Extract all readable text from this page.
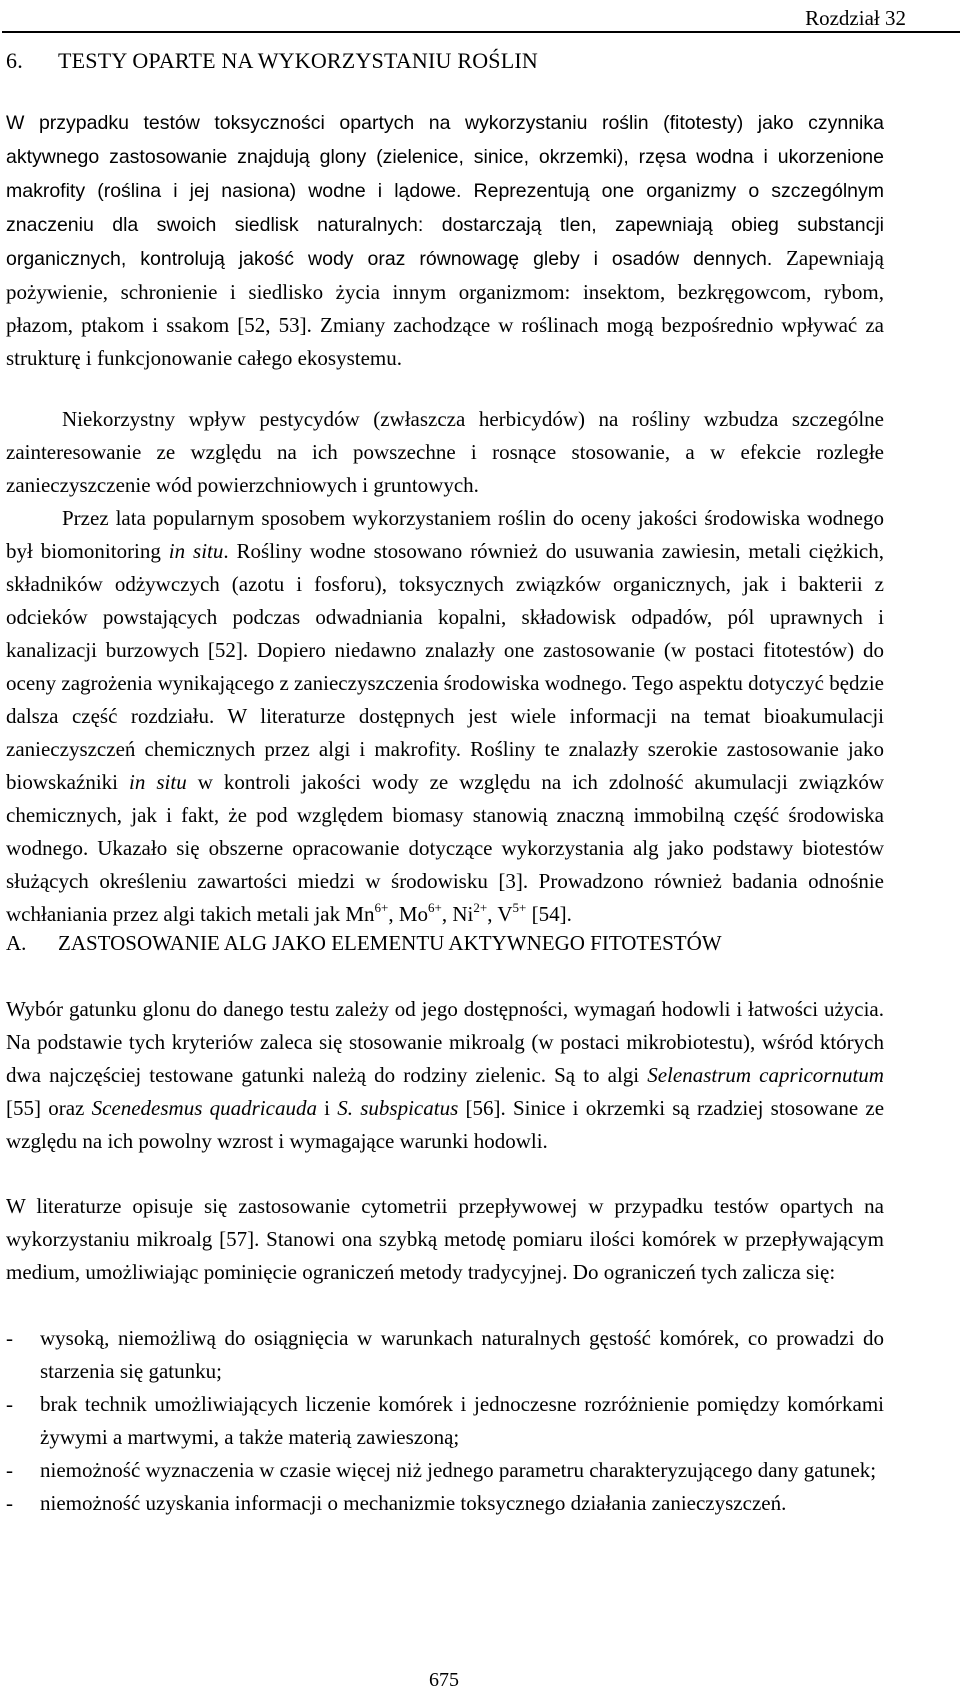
Rozdział 32
6. TESTY OPARTE NA WYKORZYSTANIU ROŚLIN
W przypadku testów toksyczności opartych na wykorzystaniu roślin (fitotesty) jako czynnika aktywnego zastosowanie znajdują glony (zielenice, sinice, okrzemki), rzęsa wodna i ukorzenione makrofity (roślina i jej nasiona) wodne i lądowe. Reprezentują one organizmy o szczególnym znaczeniu dla swoich siedlisk naturalnych: dostarczają tlen, zapewniają obieg substancji organicznych, kontrolują jakość wody oraz równowagę gleby i osadów dennych. Zapewniają pożywienie, schronienie i siedlisko życia innym organizmom: insektom, bezkręgowcom, rybom, płazom, ptakom i ssakom [52, 53]. Zmiany zachodzące w roślinach mogą bezpośrednio wpływać za strukturę i funkcjonowanie całego ekosystemu.
Niekorzystny wpływ pestycydów (zwłaszcza herbicydów) na rośliny wzbudza szczególne zainteresowanie ze względu na ich powszechne i rosnące stosowanie, a w efekcie rozległe zanieczyszczenie wód powierzchniowych i gruntowych.
Przez lata popularnym sposobem wykorzystaniem roślin do oceny jakości środowiska wodnego był biomonitoring in situ. Rośliny wodne stosowano również do usuwania zawiesin, metali ciężkich, składników odżywczych (azotu i fosforu), toksycznych związków organicznych, jak i bakterii z odcieków powstających podczas odwadniania kopalni, składowisk odpadów, pól uprawnych i kanalizacji burzowych [52]. Dopiero niedawno znalazły one zastosowanie (w postaci fitotestów) do oceny zagrożenia wynikającego z zanieczyszczenia środowiska wodnego. Tego aspektu dotyczyć będzie dalsza część rozdziału. W literaturze dostępnych jest wiele informacji na temat bioakumulacji zanieczyszczeń chemicznych przez algi i makrofity. Rośliny te znalazły szerokie zastosowanie jako biowskaźniki in situ w kontroli jakości wody ze względu na ich zdolność akumulacji związków chemicznych, jak i fakt, że pod względem biomasy stanowią znaczną immobilną część środowiska wodnego. Ukazało się obszerne opracowanie dotyczące wykorzystania alg jako podstawy biotestów służących określeniu zawartości miedzi w środowisku [3]. Prowadzono również badania odnośnie wchłaniania przez algi takich metali jak $Mn^{6+}$, $Mo^{6+}$, $Ni^{2+}$, $V^{5+}$ [54].
A. ZASTOSOWANIE ALG JAKO ELEMENTU AKTYWNEGO FITOTESTÓW
Wybór gatunku glonu do danego testu zależy od jego dostępności, wymagań hodowli i łatwości użycia. Na podstawie tych kryteriów zaleca się stosowanie mikroalg (w postaci mikrobiotestu), wśród których dwa najczęściej testowane gatunki należą do rodziny zielenic. Są to algi Selenastrum capricornutum [55] oraz Scenedesmus quadricauda i S. subspicatus [56]. Sinice i okrzemki są rzadziej stosowane ze względu na ich powolny wzrost i wymagające warunki hodowli.
W literaturze opisuje się zastosowanie cytometrii przepływowej w przypadku testów opartych na wykorzystaniu mikroalg [57]. Stanowi ona szybką metodę pomiaru ilości komórek w przepływającym medium, umożliwiając pominięcie ograniczeń metody tradycyjnej. Do ograniczeń tych zalicza się:
- wysoką, niemożliwą do osiągnięcia w warunkach naturalnych gęstość komórek, co prowadzi do starzenia się gatunku;
- brak technik umożliwiających liczenie komórek i jednoczesne rozróżnienie pomiędzy komórkami żywymi a martwymi, a także materią zawieszoną;
- niemożność wyznaczenia w czasie więcej niż jednego parametru charakteryzującego dany gatunek;
- niemożność uzyskania informacji o mechanizmie toksycznego działania zanieczyszczeń.
675
